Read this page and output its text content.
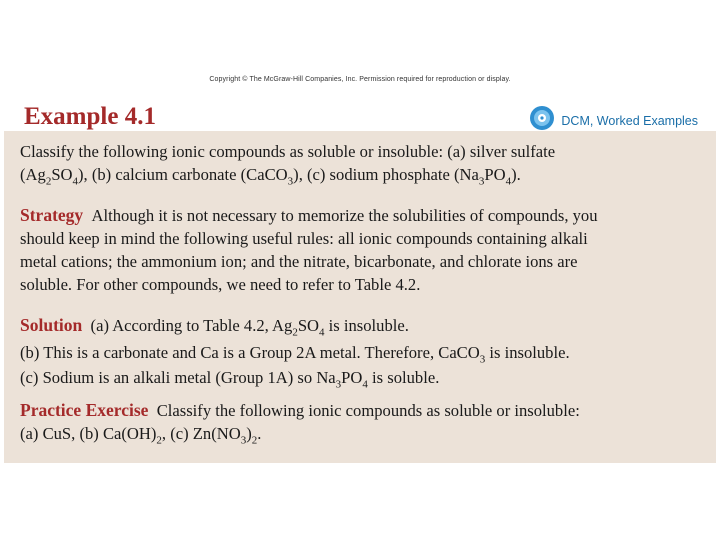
Copyright © The McGraw-Hill Companies, Inc. Permission required for reproduction or display.
Example 4.1	DCM, Worked Examples
Classify the following ionic compounds as soluble or insoluble: (a) silver sulfate
$(Ag_2SO_4)$, (b) calcium carbonate (CaCO$_3$), (c) sodium phosphate $(Na_3PO_4)$.
Strategy Although it is not necessary to memorize the solubilities of compounds, you
should keep in mind the following useful rules: all ionic compounds containing alkali
metal cations; the ammonium ion; and the nitrate, bicarbonate, and chlorate ions are
soluble. For other compounds, we need to refer to Table 4.2.
Solution (a) According to Table 4.2, $Ag_2SO_4$ is insoluble.
(b) This is a carbonate and Ca is a Group 2A metal. Therefore, CaCO$_3$ is insoluble.
(c) Sodium is an alkali metal (Group 1A) so $Na_3PO_4$ is soluble.
Practice Exercise Classify the following ionic compounds as soluble or insoluble:
(a) CuS, (b) $Ca(OH)_2$, (c) $Zn(NO_3)_2$.
